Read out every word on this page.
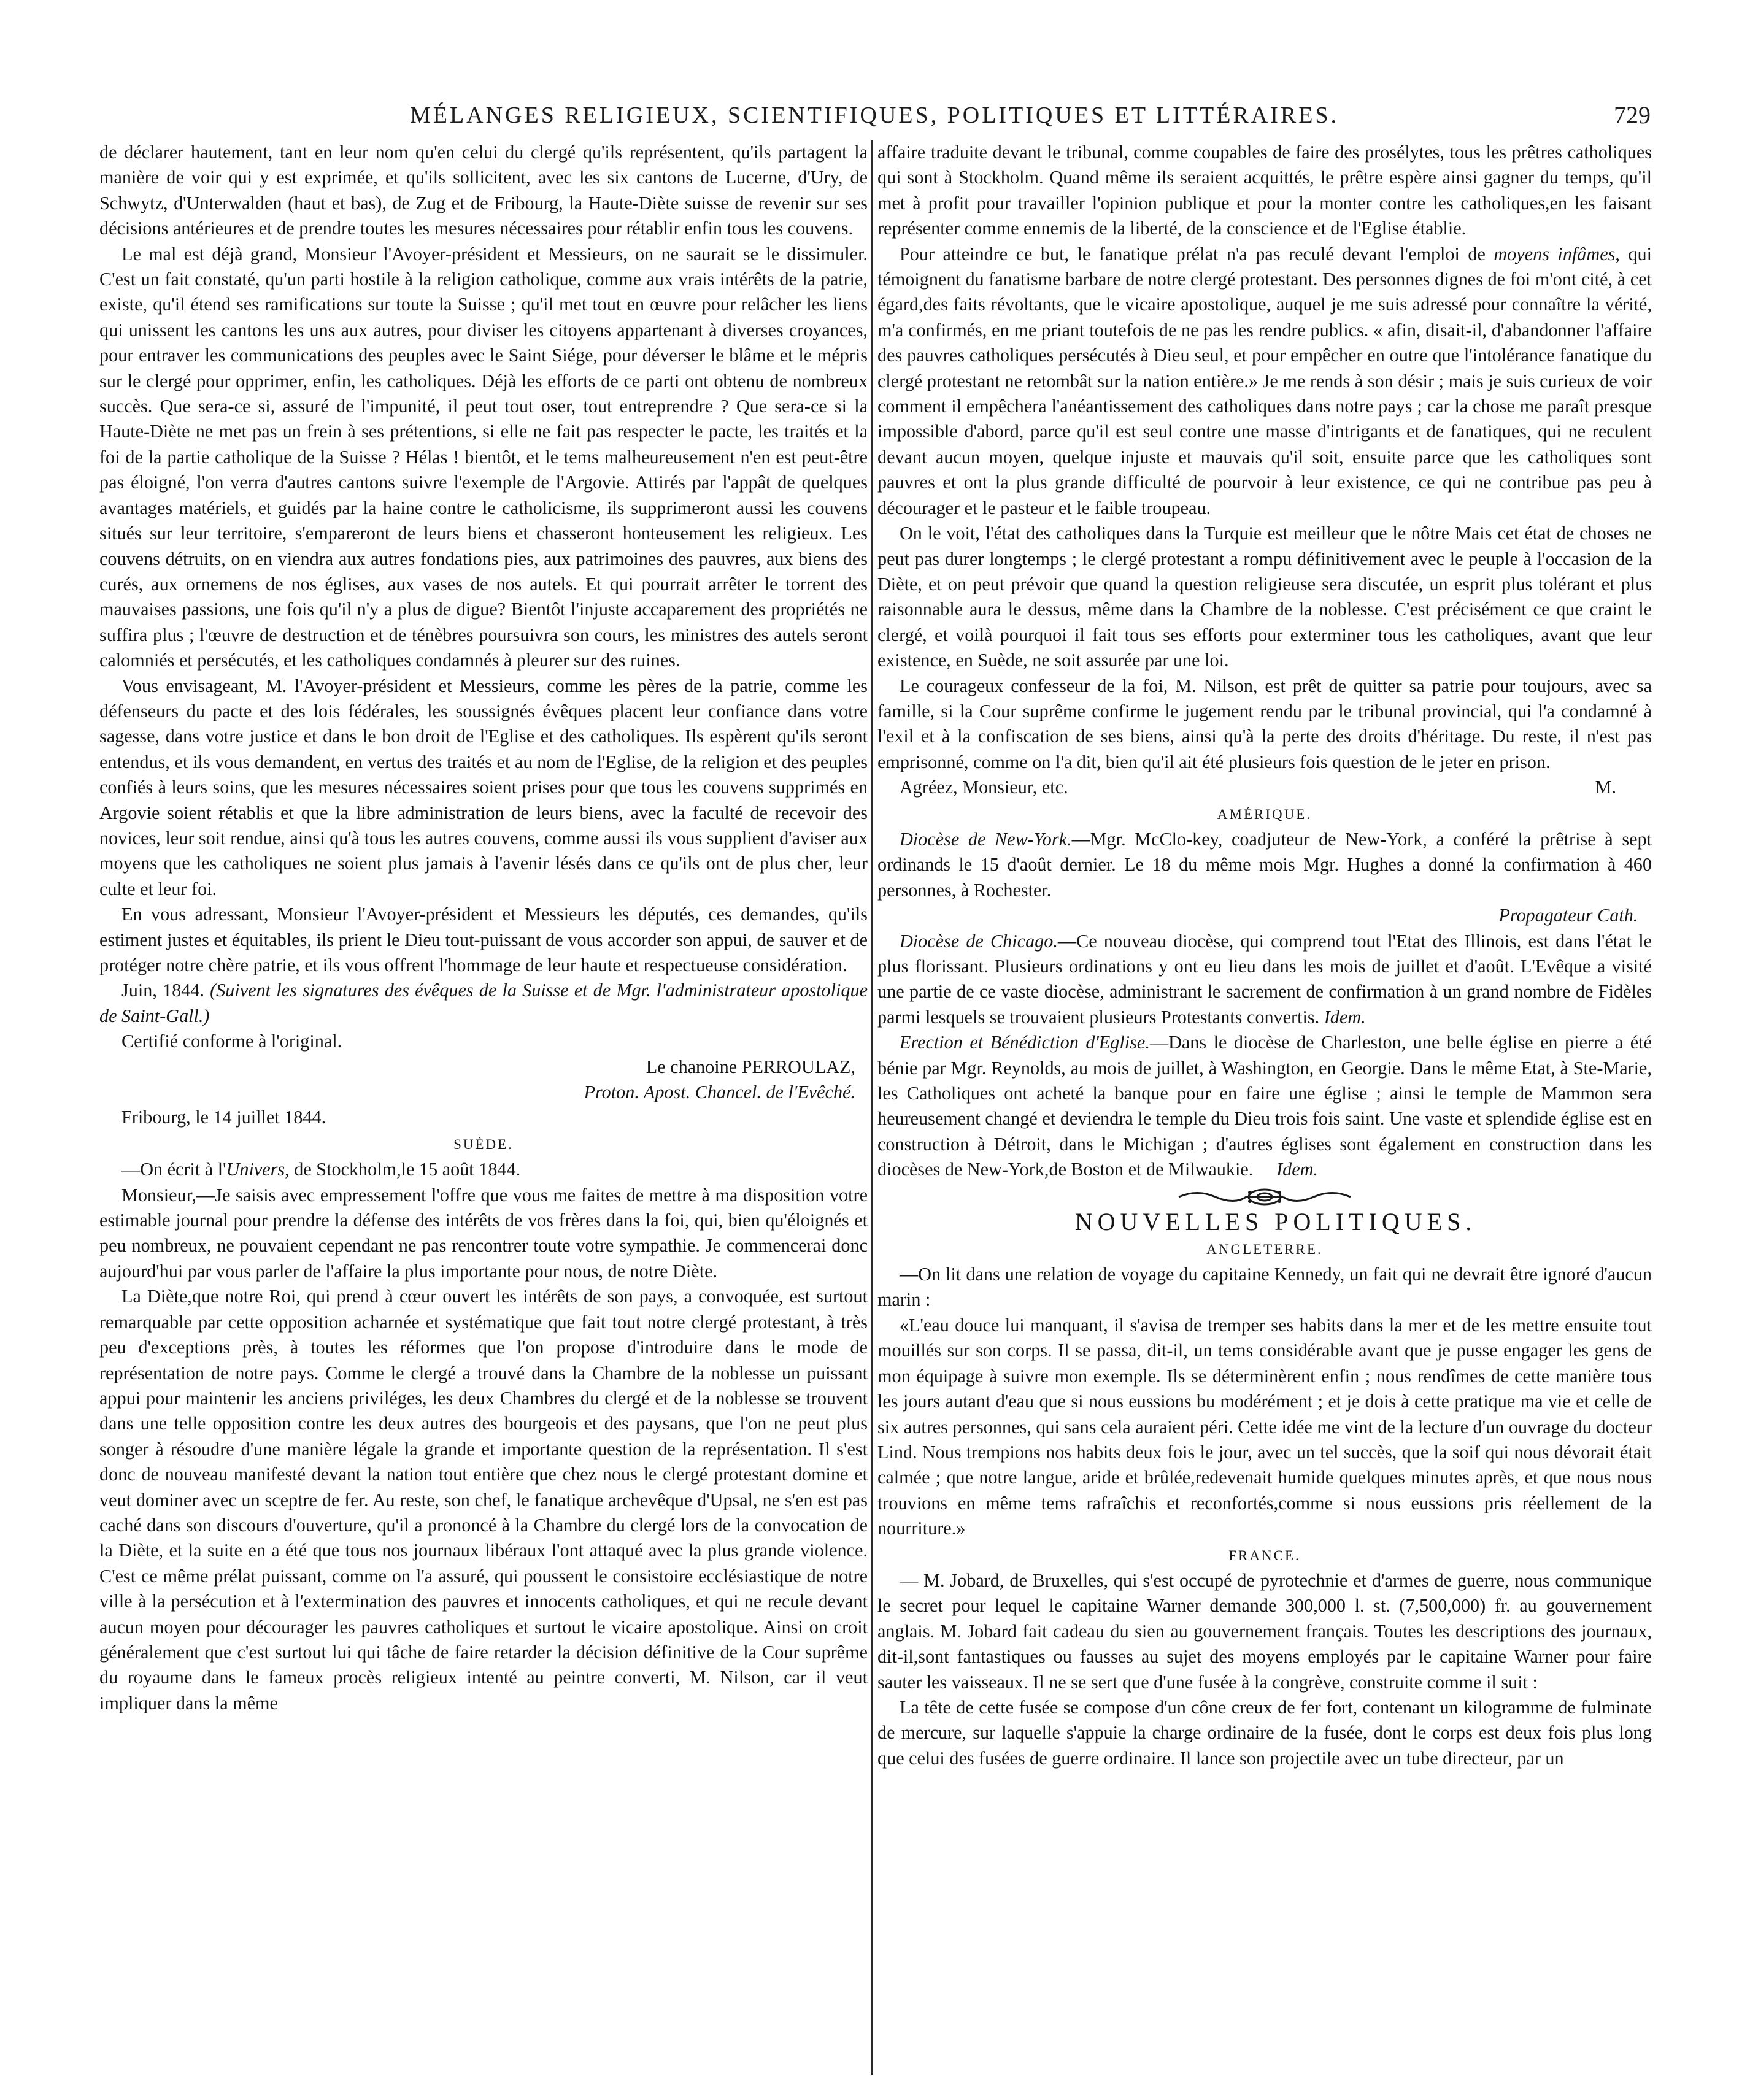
MÉLANGES RELIGIEUX, SCIENTIFIQUES, POLITIQUES ET LITTÉRAIRES.	729

de déclarer hautement, tant en leur nom qu'en celui du clergé qu'ils représentent, qu'ils partagent la manière de voir qui y est exprimée, et qu'ils sollicitent, avec les six cantons de Lucerne, d'Ury, de Schwytz, d'Unterwalden (haut et bas), de Zug et de Fribourg, la Haute-Diète suisse de revenir sur ses décisions antérieures et de prendre toutes les mesures nécessaires pour rétablir enfin tous les couvens.

Le mal est déjà grand, Monsieur l'Avoyer-président et Messieurs, on ne saurait se le dissimuler. C'est un fait constaté, qu'un parti hostile à la religion catholique, comme aux vrais intérêts de la patrie, existe, qu'il étend ses ramifications sur toute la Suisse ; qu'il met tout en œuvre pour relâcher les liens qui unissent les cantons les uns aux autres, pour diviser les citoyens appartenant à diverses croyances, pour entraver les communications des peuples avec le Saint Siége, pour déverser le blâme et le mépris sur le clergé pour opprimer, enfin, les catholiques. Déjà les efforts de ce parti ont obtenu de nombreux succès. Que sera-ce si, assuré de l'impunité, il peut tout oser, tout entreprendre ? Que sera-ce si la Haute-Diète ne met pas un frein à ses prétentions, si elle ne fait pas respecter le pacte, les traités et la foi de la partie catholique de la Suisse ? Hélas ! bientôt, et le tems malheureusement n'en est peut-être pas éloigné, l'on verra d'autres cantons suivre l'exemple de l'Argovie. Attirés par l'appât de quelques avantages matériels, et guidés par la haine contre le catholicisme, ils supprimeront aussi les couvens situés sur leur territoire, s'empareront de leurs biens et chasseront honteusement les religieux. Les couvens détruits, on en viendra aux autres fondations pies, aux patrimoines des pauvres, aux biens des curés, aux ornemens de nos églises, aux vases de nos autels. Et qui pourrait arrêter le torrent des mauvaises passions, une fois qu'il n'y a plus de digue? Bientôt l'injuste accaparement des propriétés ne suffira plus ; l'œuvre de destruction et de ténèbres poursuivra son cours, les ministres des autels seront calomniés et persécutés, et les catholiques condamnés à pleurer sur des ruines.

Vous envisageant, M. l'Avoyer-président et Messieurs, comme les pères de la patrie, comme les défenseurs du pacte et des lois fédérales, les soussignés évêques placent leur confiance dans votre sagesse, dans votre justice et dans le bon droit de l'Eglise et des catholiques. Ils espèrent qu'ils seront entendus, et ils vous demandent, en vertus des traités et au nom de l'Eglise, de la religion et des peuples confiés à leurs soins, que les mesures nécessaires soient prises pour que tous les couvens supprimés en Argovie soient rétablis et que la libre administration de leurs biens, avec la faculté de recevoir des novices, leur soit rendue, ainsi qu'à tous les autres couvens, comme aussi ils vous supplient d'aviser aux moyens que les catholiques ne soient plus jamais à l'avenir lésés dans ce qu'ils ont de plus cher, leur culte et leur foi.

En vous adressant, Monsieur l'Avoyer-président et Messieurs les députés, ces demandes, qu'ils estiment justes et équitables, ils prient le Dieu tout-puissant de vous accorder son appui, de sauver et de protéger notre chère patrie, et ils vous offrent l'hommage de leur haute et respectueuse considération.

Juin, 1844. (Suivent les signatures des évêques de la Suisse et de Mgr. l'administrateur apostolique de Saint-Gall.)

Certifié conforme à l'original.

Le chanoine PERROULAZ,

Proton. Apost. Chancel. de l'Evêché.

Fribourg, le 14 juillet 1844.

SUÈDE.

—On écrit à l'Univers, de Stockholm,le 15 août 1844.

Monsieur,—Je saisis avec empressement l'offre que vous me faites de mettre à ma disposition votre estimable journal pour prendre la défense des intérêts de vos frères dans la foi, qui, bien qu'éloignés et peu nombreux, ne pouvaient cependant ne pas rencontrer toute votre sympathie. Je commencerai donc aujourd'hui par vous parler de l'affaire la plus importante pour nous, de notre Diète.

La Diète,que notre Roi, qui prend à cœur ouvert les intérêts de son pays, a convoquée, est surtout remarquable par cette opposition acharnée et systématique que fait tout notre clergé protestant, à très peu d'exceptions près, à toutes les réformes que l'on propose d'introduire dans le mode de représentation de notre pays. Comme le clergé a trouvé dans la Chambre de la noblesse un puissant appui pour maintenir les anciens priviléges, les deux Chambres du clergé et de la noblesse se trouvent dans une telle opposition contre les deux autres des bourgeois et des paysans, que l'on ne peut plus songer à résoudre d'une manière légale la grande et importante question de la représentation. Il s'est donc de nouveau manifesté devant la nation tout entière que chez nous le clergé protestant domine et veut dominer avec un sceptre de fer. Au reste, son chef, le fanatique archevêque d'Upsal, ne s'en est pas caché dans son discours d'ouverture, qu'il a prononcé à la Chambre du clergé lors de la convocation de la Diète, et la suite en a été que tous nos journaux libéraux l'ont attaqué avec la plus grande violence. C'est ce même prélat puissant, comme on l'a assuré, qui poussent le consistoire ecclésiastique de notre ville à la persécution et à l'extermination des pauvres et innocents catholiques, et qui ne recule devant aucun moyen pour décourager les pauvres catholiques et surtout le vicaire apostolique. Ainsi on croit généralement que c'est surtout lui qui tâche de faire retarder la décision définitive de la Cour suprême du royaume dans le fameux procès religieux intenté au peintre converti, M. Nilson, car il veut impliquer dans la même

affaire traduite devant le tribunal, comme coupables de faire des prosélytes, tous les prêtres catholiques qui sont à Stockholm. Quand même ils seraient acquittés, le prêtre espère ainsi gagner du temps, qu'il met à profit pour travailler l'opinion publique et pour la monter contre les catholiques,en les faisant représenter comme ennemis de la liberté, de la conscience et de l'Eglise établie.

Pour atteindre ce but, le fanatique prélat n'a pas reculé devant l'emploi de moyens infâmes, qui témoignent du fanatisme barbare de notre clergé protestant. Des personnes dignes de foi m'ont cité, à cet égard,des faits révoltants, que le vicaire apostolique, auquel je me suis adressé pour connaître la vérité, m'a confirmés, en me priant toutefois de ne pas les rendre publics. « afin, disait-il, d'abandonner l'affaire des pauvres catholiques persécutés à Dieu seul, et pour empêcher en outre que l'intolérance fanatique du clergé protestant ne retombât sur la nation entière.» Je me rends à son désir ; mais je suis curieux de voir comment il empêchera l'anéantissement des catholiques dans notre pays ; car la chose me paraît presque impossible d'abord, parce qu'il est seul contre une masse d'intrigants et de fanatiques, qui ne reculent devant aucun moyen, quelque injuste et mauvais qu'il soit, ensuite parce que les catholiques sont pauvres et ont la plus grande difficulté de pourvoir à leur existence, ce qui ne contribue pas peu à décourager et le pasteur et le faible troupeau.

On le voit, l'état des catholiques dans la Turquie est meilleur que le nôtre Mais cet état de choses ne peut pas durer longtemps ; le clergé protestant a rompu définitivement avec le peuple à l'occasion de la Diète, et on peut prévoir que quand la question religieuse sera discutée, un esprit plus tolérant et plus raisonnable aura le dessus, même dans la Chambre de la noblesse. C'est précisément ce que craint le clergé, et voilà pourquoi il fait tous ses efforts pour exterminer tous les catholiques, avant que leur existence, en Suède, ne soit assurée par une loi.

Le courageux confesseur de la foi, M. Nilson, est prêt de quitter sa patrie pour toujours, avec sa famille, si la Cour suprême confirme le jugement rendu par le tribunal provincial, qui l'a condamné à l'exil et à la confiscation de ses biens, ainsi qu'à la perte des droits d'héritage. Du reste, il n'est pas emprisonné, comme on l'a dit, bien qu'il ait été plusieurs fois question de le jeter en prison.

Agréez, Monsieur, etc.	M.

AMÉRIQUE.

Diocèse de New-York.—Mgr. McClo-key, coadjuteur de New-York, a conféré la prêtrise à sept ordinands le 15 d'août dernier. Le 18 du même mois Mgr. Hughes a donné la confirmation à 460 personnes, à Rochester.

Propagateur Cath.

Diocèse de Chicago.—Ce nouveau diocèse, qui comprend tout l'Etat des Illinois, est dans l'état le plus florissant. Plusieurs ordinations y ont eu lieu dans les mois de juillet et d'août. L'Evêque a visité une partie de ce vaste diocèse, administrant le sacrement de confirmation à un grand nombre de Fidèles parmi lesquels se trouvaient plusieurs Protestants convertis. Idem.

Erection et Bénédiction d'Eglise.—Dans le diocèse de Charleston, une belle église en pierre a été bénie par Mgr. Reynolds, au mois de juillet, à Washington, en Georgie. Dans le même Etat, à Ste-Marie, les Catholiques ont acheté la banque pour en faire une église ; ainsi le temple de Mammon sera heureusement changé et deviendra le temple du Dieu trois fois saint. Une vaste et splendide église est en construction à Détroit, dans le Michigan ; d'autres églises sont également en construction dans les diocèses de New-York,de Boston et de Milwaukie. Idem.

NOUVELLES POLITIQUES.

ANGLETERRE.

—On lit dans une relation de voyage du capitaine Kennedy, un fait qui ne devrait être ignoré d'aucun marin :

«L'eau douce lui manquant, il s'avisa de tremper ses habits dans la mer et de les mettre ensuite tout mouillés sur son corps. Il se passa, dit-il, un tems considérable avant que je pusse engager les gens de mon équipage à suivre mon exemple. Ils se déterminèrent enfin ; nous rendîmes de cette manière tous les jours autant d'eau que si nous eussions bu modérément ; et je dois à cette pratique ma vie et celle de six autres personnes, qui sans cela auraient péri. Cette idée me vint de la lecture d'un ouvrage du docteur Lind. Nous trempions nos habits deux fois le jour, avec un tel succès, que la soif qui nous dévorait était calmée ; que notre langue, aride et brûlée,redevenait humide quelques minutes après, et que nous nous trouvions en même tems rafraîchis et reconfortés,comme si nous eussions pris réellement de la nourriture.»

FRANCE.

— M. Jobard, de Bruxelles, qui s'est occupé de pyrotechnie et d'armes de guerre, nous communique le secret pour lequel le capitaine Warner demande 300,000 l. st. (7,500,000) fr. au gouvernement anglais. M. Jobard fait cadeau du sien au gouvernement français. Toutes les descriptions des journaux, dit-il,sont fantastiques ou fausses au sujet des moyens employés par le capitaine Warner pour faire sauter les vaisseaux. Il ne se sert que d'une fusée à la congrève, construite comme il suit :

La tête de cette fusée se compose d'un cône creux de fer fort, contenant un kilogramme de fulminate de mercure, sur laquelle s'appuie la charge ordinaire de la fusée, dont le corps est deux fois plus long que celui des fusées de guerre ordinaire. Il lance son projectile avec un tube directeur, par un
